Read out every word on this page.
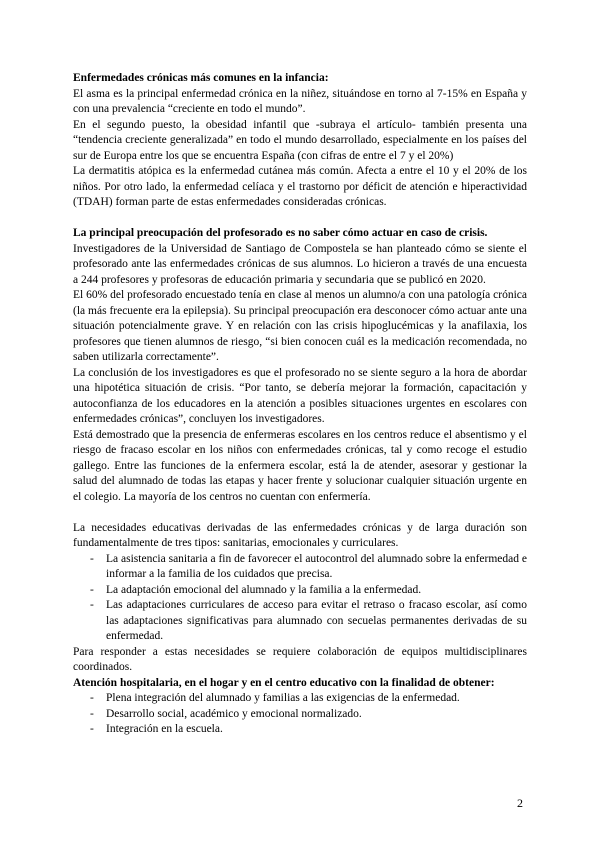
Enfermedades crónicas más comunes en la infancia:

El asma es la principal enfermedad crónica en la niñez, situándose en torno al 7-15% en España y con una prevalencia “creciente en todo el mundo”.

En el segundo puesto, la obesidad infantil que -subraya el artículo- también presenta una “tendencia creciente generalizada” en todo el mundo desarrollado, especialmente en los países del sur de Europa entre los que se encuentra España (con cifras de entre el 7 y el 20%)

La dermatitis atópica es la enfermedad cutánea más común. Afecta a entre el 10 y el 20% de los niños. Por otro lado, la enfermedad celíaca y el trastorno por déficit de atención e hiperactividad (TDAH) forman parte de estas enfermedades consideradas crónicas.

La principal preocupación del profesorado es no saber cómo actuar en caso de crisis.

Investigadores de la Universidad de Santiago de Compostela se han planteado cómo se siente el profesorado ante las enfermedades crónicas de sus alumnos. Lo hicieron a través de una encuesta a 244 profesores y profesoras de educación primaria y secundaria que se publicó en 2020.

El 60% del profesorado encuestado tenía en clase al menos un alumno/a con una patología crónica (la más frecuente era la epilepsia). Su principal preocupación era desconocer cómo actuar ante una situación potencialmente grave. Y en relación con las crisis hipoglucémicas y la anafilaxia, los profesores que tienen alumnos de riesgo, “si bien conocen cuál es la medicación recomendada, no saben utilizarla correctamente”.

La conclusión de los investigadores es que el profesorado no se siente seguro a la hora de abordar una hipotética situación de crisis. “Por tanto, se debería mejorar la formación, capacitación y autoconfianza de los educadores en la atención a posibles situaciones urgentes en escolares con enfermedades crónicas”, concluyen los investigadores.

Está demostrado que la presencia de enfermeras escolares en los centros reduce el absentismo y el riesgo de fracaso escolar en los niños con enfermedades crónicas, tal y como recoge el estudio gallego. Entre las funciones de la enfermera escolar, está la de atender, asesorar y gestionar la salud del alumnado de todas las etapas y hacer frente y solucionar cualquier situación urgente en el colegio. La mayoría de los centros no cuentan con enfermería.

La necesidades educativas derivadas de las enfermedades crónicas y de larga duración son fundamentalmente de tres tipos: sanitarias, emocionales y curriculares.

- La asistencia sanitaria a fin de favorecer el autocontrol del alumnado sobre la enfermedad e informar a la familia de los cuidados que precisa.
- La adaptación emocional del alumnado y la familia a la enfermedad.
- Las adaptaciones curriculares de acceso para evitar el retraso o fracaso escolar, así como las adaptaciones significativas para alumnado con secuelas permanentes derivadas de su enfermedad.

Para responder a estas necesidades se requiere colaboración de equipos multidisciplinares coordinados.

Atención hospitalaria, en el hogar y en el centro educativo con la finalidad de obtener:

- Plena integración del alumnado y familias a las exigencias de la enfermedad.
- Desarrollo social, académico y emocional normalizado.
- Integración en la escuela.
2
